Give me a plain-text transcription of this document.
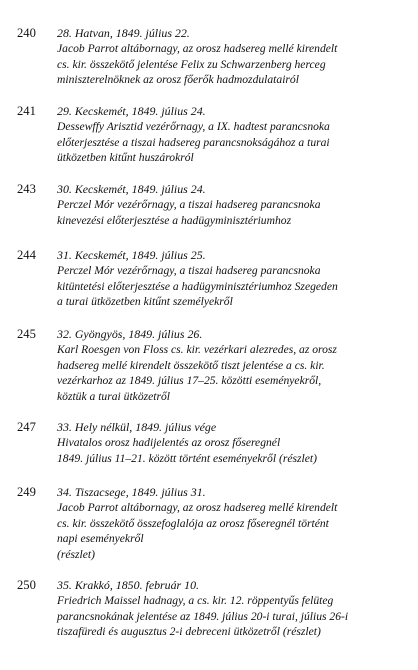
240 28. Hatvan, 1849. július 22.
Jacob Parrot altábornagy, az orosz hadsereg mellé kirendelt
cs. kir. összekötő jelentése Felix zu Schwarzenberg herceg
miniszterelnöknek az orosz főerők hadmozdulatairól
241 29. Kecskemét, 1849. július 24.
Dessewffy Arisztid vezérőrnagy, a IX. hadtest parancsnoka
előterjesztése a tiszai hadsereg parancsnokságához a turai
ütközetben kitűnt huszárokról
243 30. Kecskemét, 1849. július 24.
Perczel Mór vezérőrnagy, a tiszai hadsereg parancsnoka
kinevezési előterjesztése a hadügyminisztériumhoz
244 31. Kecskemét, 1849. július 25.
Perczel Mór vezérőrnagy, a tiszai hadsereg parancsnoka
kitüntetési előterjesztése a hadügyminisztériumhoz Szegeden
a turai ütközetben kitűnt személyekről
245 32. Gyöngyös, 1849. július 26.
Karl Roesgen von Floss cs. kir. vezérkari alezredes, az orosz
hadsereg mellé kirendelt összekötő tiszt jelentése a cs. kir.
vezérkarhoz az 1849. július 17–25. közötti eseményekről,
köztük a turai ütközetről
247 33. Hely nélkül, 1849. július vége
Hivatalos orosz hadijelentés az orosz főseregnél
1849. július 11–21. között történt eseményekről (részlet)
249 34. Tiszacsege, 1849. július 31.
Jacob Parrot altábornagy, az orosz hadsereg mellé kirendelt
cs. kir. összekötő összefoglalója az orosz főseregnél történt
napi eseményekről
(részlet)
250 35. Krakkó, 1850. február 10.
Friedrich Maissel hadnagy, a cs. kir. 12. röppentyűs felüteg
parancsnokának jelentése az 1849. július 20-i turai, július 26-i
tiszafüredi és augusztus 2-i debreceni ütközetről (részlet)
